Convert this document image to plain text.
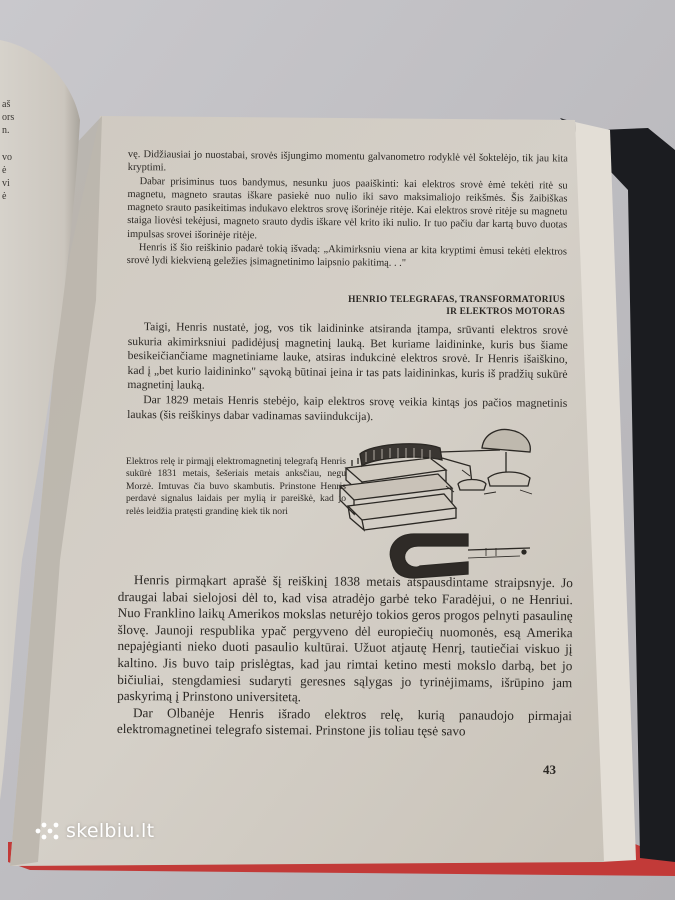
aš
ors
n.
vo
ė
vi
ė

vę. Didžiausiai jo nuostabai, srovės išjungimo momentu galvanometro rodyklė vėl šoktelėjo, tik jau kita kryptimi.

Dabar prisiminus tuos bandymus, nesunku juos paaiškinti: kai elektros srovė ėmė tekėti ritė su magnetu, magneto srautas iškare pasiekė nuo nulio iki savo maksimaliojo reikšmės. Šis žaibiškas magneto srauto pasikeitimas indukavo elektros srovę išorinėje ritėje. Kai elektros srovė ritėje su magnetu staiga liovėsi tekėjusi, magneto srauto dydis iškare vėl krito iki nulio. Ir tuo pačiu dar kartą buvo duotas impulsas srovei išorinėje ritėje.

Henris iš šio reiškinio padarė tokią išvadą: „Akimirksniu viena ar kita kryptimi ėmusi tekėti elektros srovė lydi kiekvieną geležies įsimagnetinimo laipsnio pakitimą. . ."

HENRIO TELEGRAFAS, TRANSFORMATORIUS
IR ELEKTROS MOTORAS

Taigi, Henris nustatė, jog, vos tik laidininke atsiranda įtampa, srūvanti elektros srovė sukuria akimirksniui padidėjusį magnetinį lauką. Bet kuriame laidininke, kuris bus šiame besikeičiančiame magnetiniame lauke, atsiras indukcinė elektros srovė. Ir Henris išaiškino, kad į „bet kurio laidininko" sąvoką būtinai įeina ir tas pats laidininkas, kuris iš pradžių sukūrė magnetinį lauką.

Dar 1829 metais Henris stebėjo, kaip elektros srovę veikia kintąs jos pačios magnetinis laukas (šis reiškinys dabar vadinamas saviindukcija).

Elektros relę ir pirmąjį elektromagnetinį telegrafą Henris sukūrė 1831 metais, šešeriais metais anksčiau, negu Morzė. Imtuvas čia buvo skambutis. Prinstone Henris perdavė signalus laidais per mylią ir pareiškė, kad jo relės leidžia pratęsti grandinę kiek tik nori

Henris pirmąkart aprašė šį reiškinį 1838 metais atspausdintame straipsnyje. Jo draugai labai sielojosi dėl to, kad visa atradėjo garbė teko Faradėjui, o ne Henriui. Nuo Franklino laikų Amerikos mokslas neturėjo tokios geros progos pelnyti pasaulinę šlovę. Jaunoji respublika ypač pergyveno dėl europiečių nuomonės, esą Amerika nepajėgianti nieko duoti pasaulio kultūrai. Užuot atjautę Henrį, tautiečiai viskuo jį kaltino. Jis buvo taip prislėgtas, kad jau rimtai ketino mesti mokslo darbą, bet jo bičiuliai, stengdamiesi sudaryti geresnes sąlygas jo tyrinėjimams, išrūpino jam paskyrimą į Prinstono universitetą.

Dar Olbanėje Henris išrado elektros relę, kurią panaudojo pirmajai elektromagnetinei telegrafo sistemai. Prinstone jis toliau tęsė savo

43
skelbiu.lt
